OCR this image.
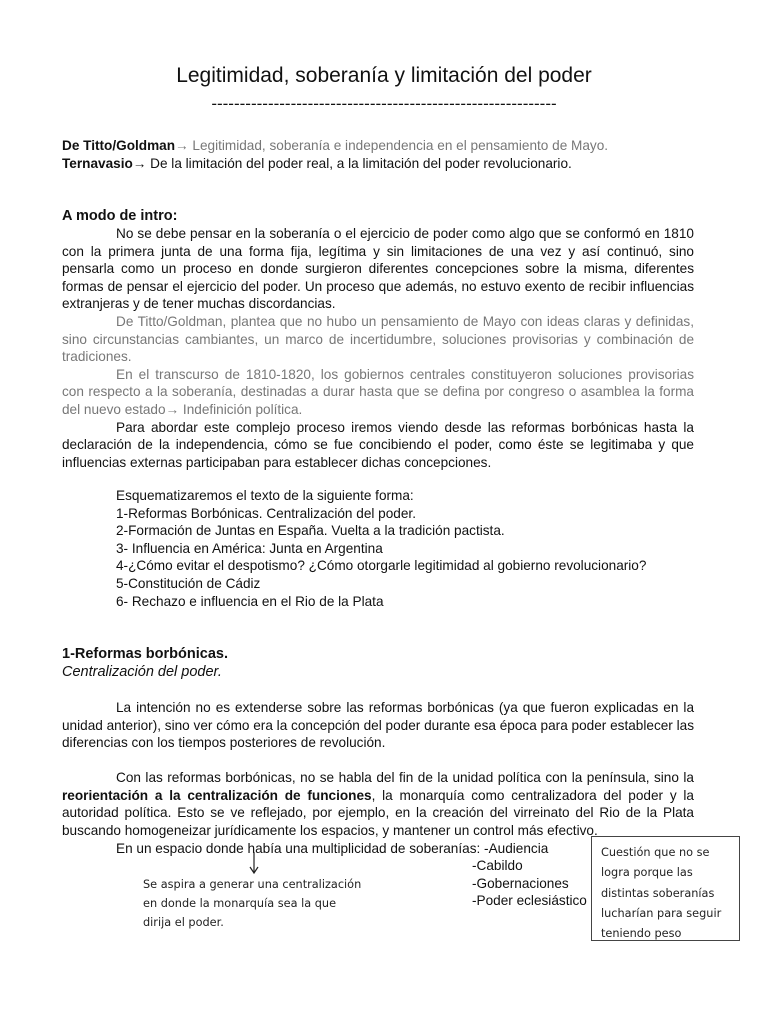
Legitimidad, soberanía y limitación del poder
-------------------------------------------------------------
De Titto/Goldman→ Legitimidad, soberanía e independencia en el pensamiento de Mayo.
Ternavasio→ De la limitación del poder real, a la limitación del poder revolucionario.
A modo de intro:

No se debe pensar en la soberanía o el ejercicio de poder como algo que se conformó en 1810 con la primera junta de una forma fija, legítima y sin limitaciones de una vez y así continuó, sino pensarla como un proceso en donde surgieron diferentes concepciones sobre la misma, diferentes formas de pensar el ejercicio del poder. Un proceso que además, no estuvo exento de recibir influencias extranjeras y de tener muchas discordancias.

De Titto/Goldman, plantea que no hubo un pensamiento de Mayo con ideas claras y definidas, sino circunstancias cambiantes, un marco de incertidumbre, soluciones provisorias y combinación de tradiciones.

En el transcurso de 1810-1820, los gobiernos centrales constituyeron soluciones provisorias con respecto a la soberanía, destinadas a durar hasta que se defina por congreso o asamblea la forma del nuevo estado→ Indefinición política.

Para abordar este complejo proceso iremos viendo desde las reformas borbónicas hasta la declaración de la independencia, cómo se fue concibiendo el poder, como éste se legitimaba y que influencias externas participaban para establecer dichas concepciones.

Esquematizaremos el texto de la siguiente forma:
1-Reformas Borbónicas. Centralización del poder.
2-Formación de Juntas en España. Vuelta a la tradición pactista.
3- Influencia en América: Junta en Argentina
4-¿Cómo evitar el despotismo? ¿Cómo otorgarle legitimidad al gobierno revolucionario?
5-Constitución de Cádiz
6- Rechazo e influencia en el Rio de la Plata
1-Reformas borbónicas.
Centralización del poder.

La intención no es extenderse sobre las reformas borbónicas (ya que fueron explicadas en la unidad anterior), sino ver cómo era la concepción del poder durante esa época para poder establecer las diferencias con los tiempos posteriores de revolución.

Con las reformas borbónicas, no se habla del fin de la unidad política con la península, sino la reorientación a la centralización de funciones, la monarquía como centralizadora del poder y la autoridad política. Esto se ve reflejado, por ejemplo, en la creación del virreinato del Rio de la Plata buscando homogeneizar jurídicamente los espacios, y mantener un control más efectivo.

En un espacio donde había una multiplicidad de soberanías: -Audiencia
-Cabildo
-Gobernaciones
-Poder eclesiástico
Se aspira a generar una centralización
en donde la monarquía sea la que
dirija el poder.
Cuestión que no se
logra porque las
distintas soberanías
lucharían para seguir
teniendo peso
